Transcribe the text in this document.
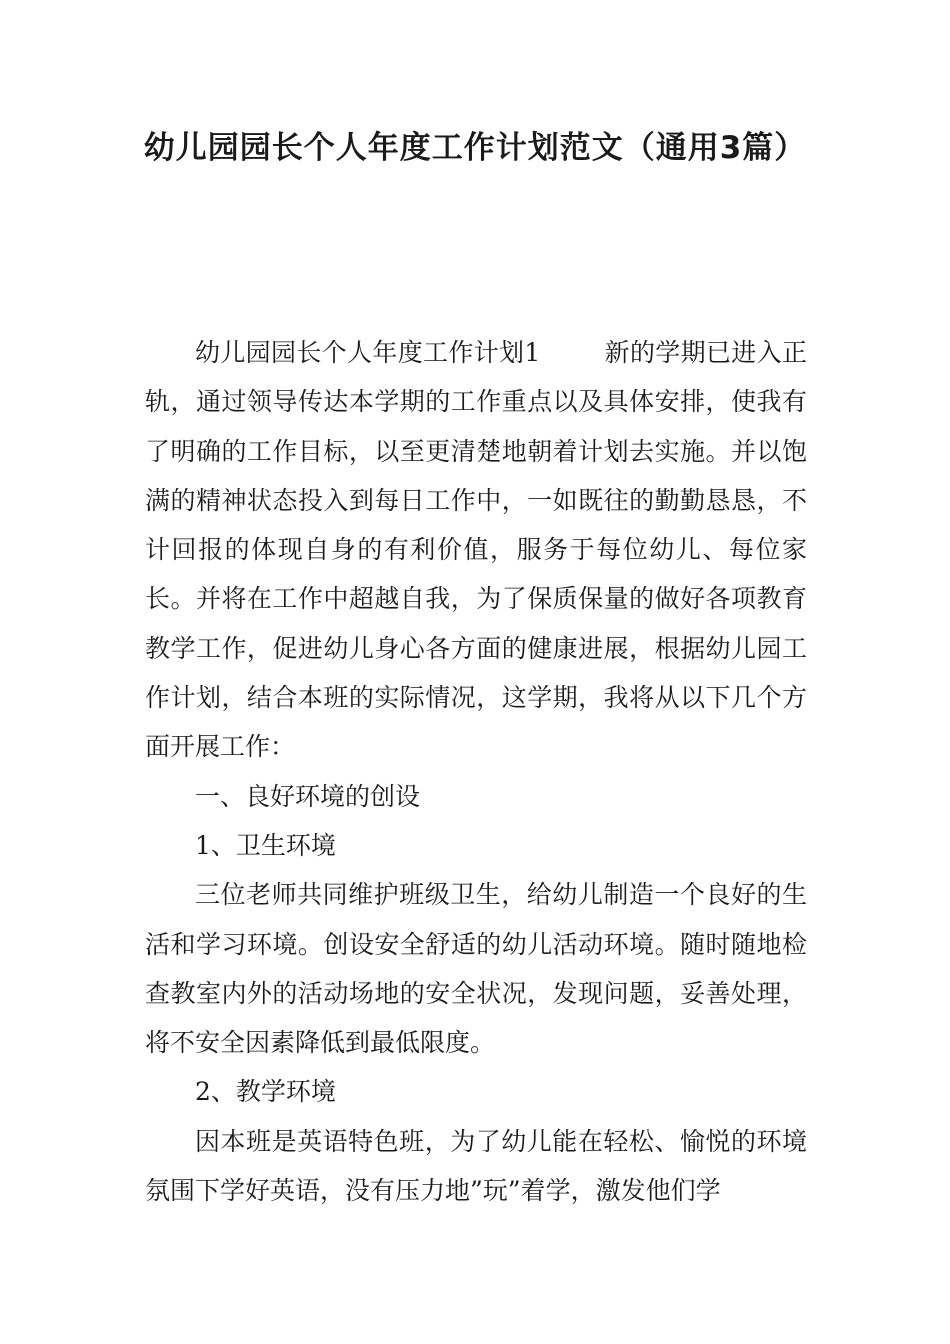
幼儿园园长个人年度工作计划范文（通用3篇）

幼儿园园长个人年度工作计划1	新的学期已进入正轨，通过领导传达本学期的工作重点以及具体安排，使我有了明确的工作目标，以至更清楚地朝着计划去实施。并以饱满的精神状态投入到每日工作中，一如既往的勤勤恳恳，不计回报的体现自身的有利价值，服务于每位幼儿、每位家长。并将在工作中超越自我，为了保质保量的做好各项教育教学工作，促进幼儿身心各方面的健康进展，根据幼儿园工作计划，结合本班的实际情况，这学期，我将从以下几个方面开展工作：

一、良好环境的创设

1、卫生环境

三位老师共同维护班级卫生，给幼儿制造一个良好的生活和学习环境。创设安全舒适的幼儿活动环境。随时随地检查教室内外的活动场地的安全状况，发现问题，妥善处理，将不安全因素降低到最低限度。

2、教学环境

因本班是英语特色班，为了幼儿能在轻松、愉悦的环境氛围下学好英语，没有压力地”玩”着学，激发他们学
